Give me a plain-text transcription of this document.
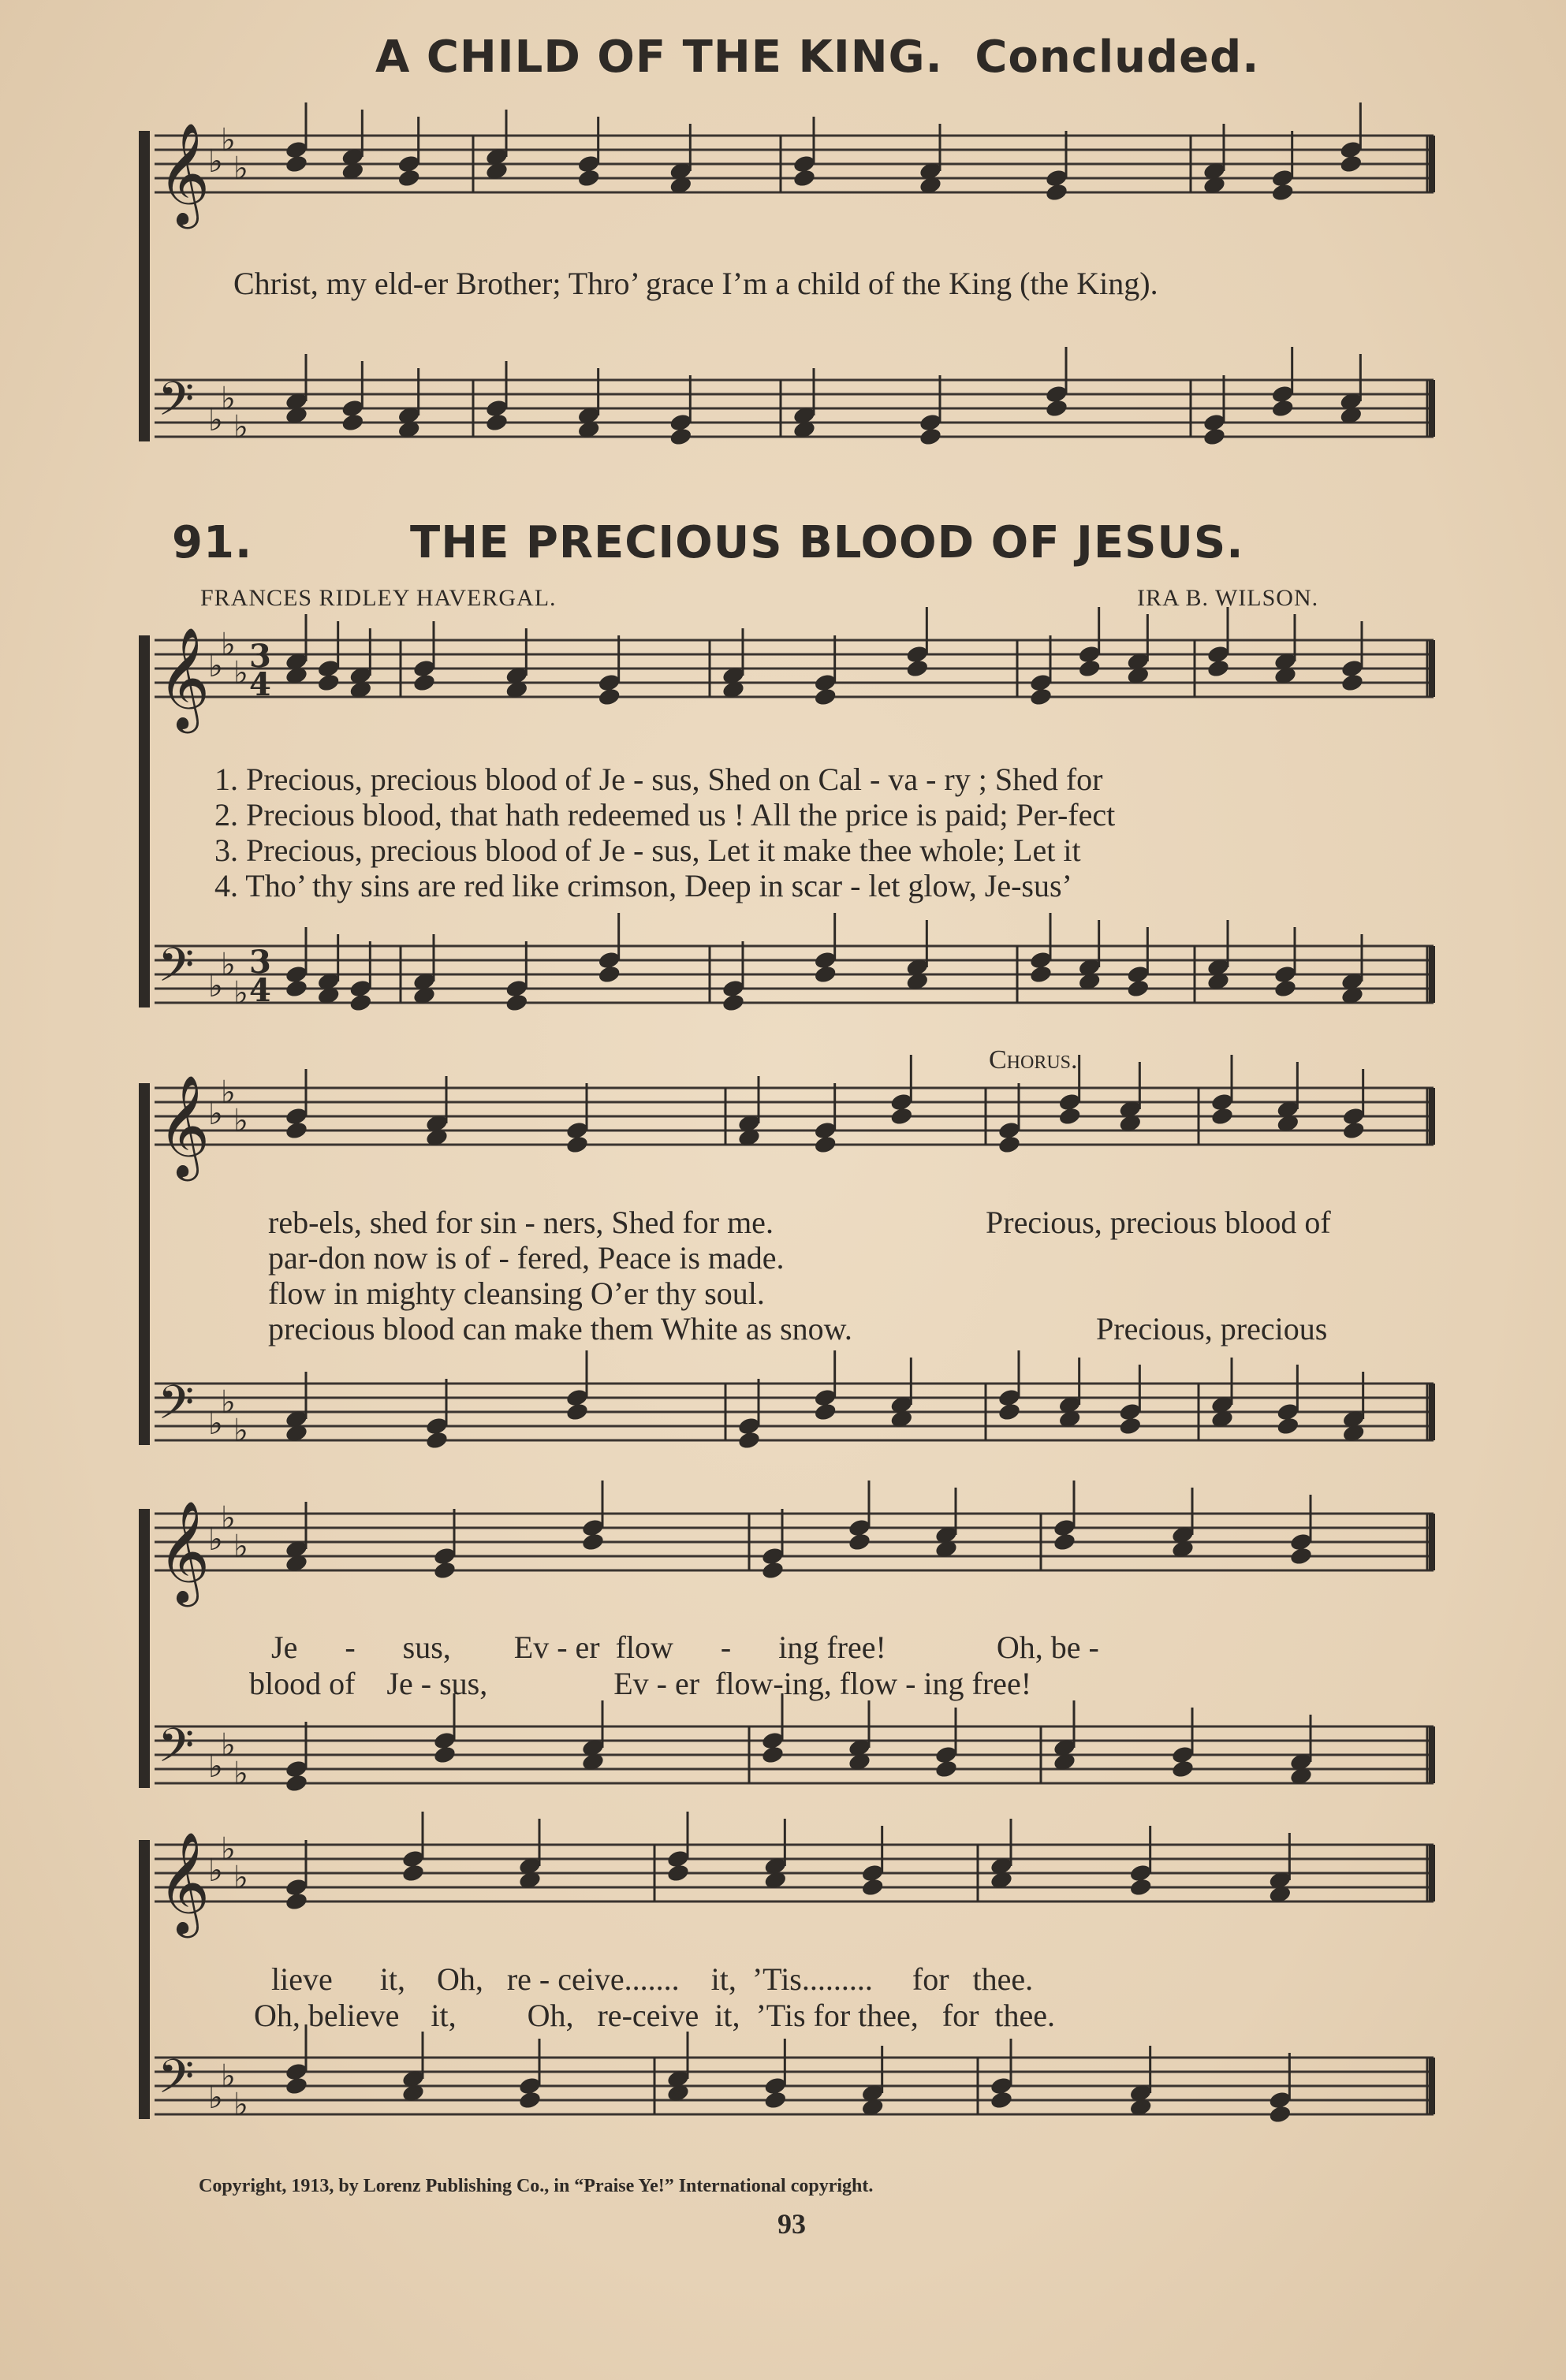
A CHILD OF THE KING. Concluded.
𝄞
♭
♭
♭
𝄢 ♭
♭
♭
𝄞
♭
♭
♭
𝄢 ♭
♭
♭
𝄞
♭
♭
♭
𝄢 ♭
♭
♭
𝄞
♭
♭
♭
𝄢 ♭
♭
♭
𝄞
♭
♭
♭
𝄢 ♭
♭
♭
3
4
3
4
Christ, my eld-er Brother; Thro’ grace I’m a child of the King (the King).
91.	THE PRECIOUS BLOOD OF JESUS.
FRANCES RIDLEY HAVERGAL.	IRA B. WILSON.
1. Precious, precious blood of Je - sus, Shed on Cal - va - ry ; Shed for
2. Precious blood, that hath redeemed us ! All the price is paid; Per-fect
3. Precious, precious blood of Je - sus, Let it make thee whole; Let it
4. Tho’ thy sins are red like crimson, Deep in scar - let glow, Je-sus’
Chorus.
reb-els, shed for sin - ners, Shed for me.
par-don now is of - fered, Peace is made.
flow in mighty cleansing O’er thy soul.
precious blood can make them White as snow.
Precious, precious blood of
Precious, precious
Je      -      sus,        Ev - er  flow      -      ing free!              Oh, be -
blood of    Je - sus,                Ev - er  flow-ing, flow - ing free!
lieve      it,    Oh,   re - ceive.......    it,  ’Tis.........     for   thee.
Oh, believe    it,         Oh,   re-ceive  it,  ’Tis for thee,   for  thee.
Copyright, 1913, by Lorenz Publishing Co., in “Praise Ye!” International copyright.
93
